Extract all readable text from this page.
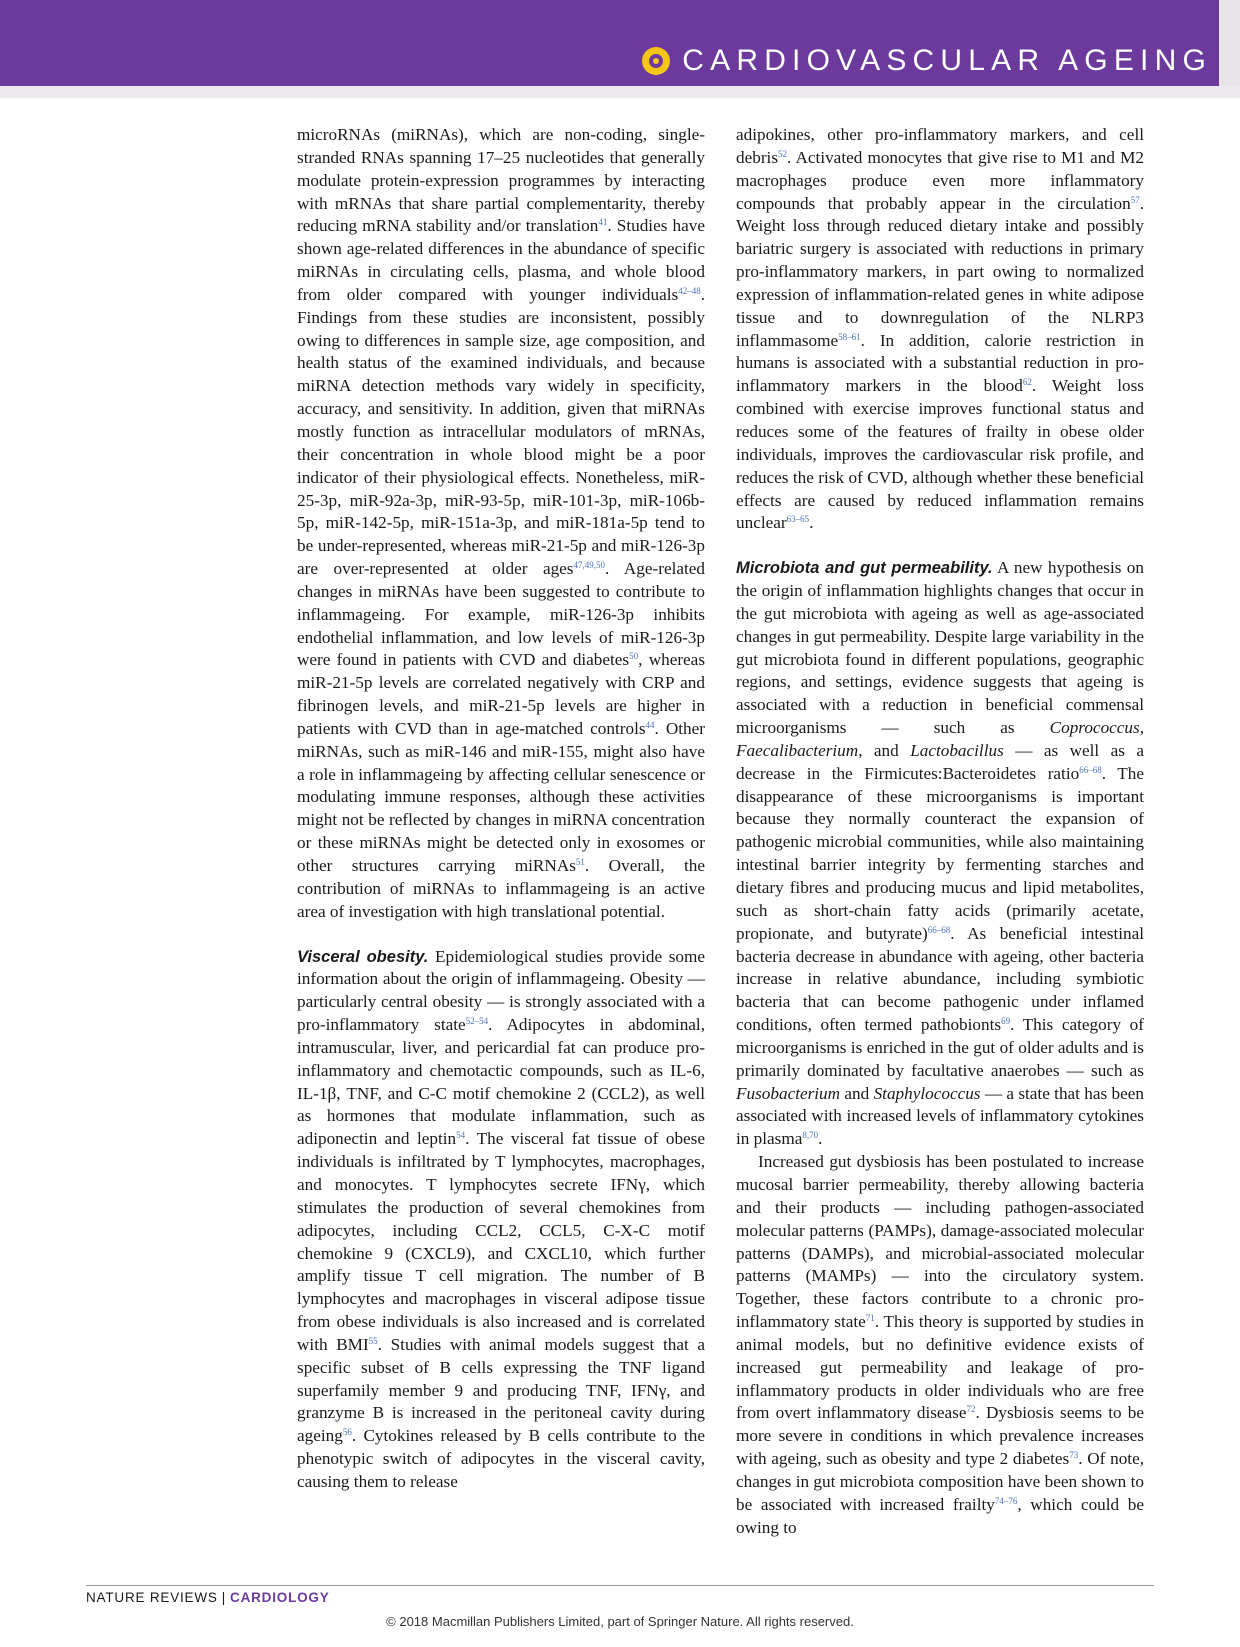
CARDIOVASCULAR AGEING

microRNAs (miRNAs), which are non-coding, single-stranded RNAs spanning 17–25 nucleotides that generally modulate protein-expression programmes by interacting with mRNAs that share partial complementarity, thereby reducing mRNA stability and/or translation$^{41}$. Studies have shown age-related differences in the abundance of specific miRNAs in circulating cells, plasma, and whole blood from older compared with younger individuals$^{42-48}$. Findings from these studies are inconsistent, possibly owing to differences in sample size, age composition, and health status of the examined individuals, and because miRNA detection methods vary widely in specificity, accuracy, and sensitivity. In addition, given that miRNAs mostly function as intracellular modulators of mRNAs, their concentration in whole blood might be a poor indicator of their physiological effects. Nonetheless, miR-25-3p, miR-92a-3p, miR-93-5p, miR-101-3p, miR-106b-5p, miR-142-5p, miR-151a-3p, and miR-181a-5p tend to be under-represented, whereas miR-21-5p and miR-126-3p are over-represented at older ages$^{47,49,50}$. Age-related changes in miRNAs have been suggested to contribute to inflammageing. For example, miR-126-3p inhibits endothelial inflammation, and low levels of miR-126-3p were found in patients with CVD and diabetes$^{50}$, whereas miR-21-5p levels are correlated negatively with CRP and fibrinogen levels, and miR-21-5p levels are higher in patients with CVD than in age-matched controls$^{44}$. Other miRNAs, such as miR-146 and miR-155, might also have a role in inflammageing by affecting cellular senescence or modulating immune responses, although these activities might not be reflected by changes in miRNA concentration or these miRNAs might be detected only in exosomes or other structures carrying miRNAs$^{51}$. Overall, the contribution of miRNAs to inflammageing is an active area of investigation with high translational potential.

Visceral obesity. Epidemiological studies provide some information about the origin of inflammageing. Obesity — particularly central obesity — is strongly associated with a pro-inflammatory state$^{52-54}$. Adipocytes in abdominal, intramuscular, liver, and pericardial fat can produce pro-inflammatory and chemotactic compounds, such as IL-6, IL-1β, TNF, and C-C motif chemokine 2 (CCL2), as well as hormones that modulate inflammation, such as adiponectin and leptin$^{54}$. The visceral fat tissue of obese individuals is infiltrated by T lymphocytes, macrophages, and monocytes. T lymphocytes secrete IFNγ, which stimulates the production of several chemokines from adipocytes, including CCL2, CCL5, C-X-C motif chemokine 9 (CXCL9), and CXCL10, which further amplify tissue T cell migration. The number of B lymphocytes and macrophages in visceral adipose tissue from obese individuals is also increased and is correlated with BMI$^{55}$. Studies with animal models suggest that a specific subset of B cells expressing the TNF ligand superfamily member 9 and producing TNF, IFNγ, and granzyme B is increased in the peritoneal cavity during ageing$^{56}$. Cytokines released by B cells contribute to the phenotypic switch of adipocytes in the visceral cavity, causing them to release

adipokines, other pro-inflammatory markers, and cell debris$^{52}$. Activated monocytes that give rise to M1 and M2 macrophages produce even more inflammatory compounds that probably appear in the circulation$^{57}$. Weight loss through reduced dietary intake and possibly bariatric surgery is associated with reductions in primary pro-inflammatory markers, in part owing to normalized expression of inflammation-related genes in white adipose tissue and to downregulation of the NLRP3 inflammasome$^{58-61}$. In addition, calorie restriction in humans is associated with a substantial reduction in pro-inflammatory markers in the blood$^{62}$. Weight loss combined with exercise improves functional status and reduces some of the features of frailty in obese older individuals, improves the cardiovascular risk profile, and reduces the risk of CVD, although whether these beneficial effects are caused by reduced inflammation remains unclear$^{63-65}$.

Microbiota and gut permeability. A new hypothesis on the origin of inflammation highlights changes that occur in the gut microbiota with ageing as well as age-associated changes in gut permeability. Despite large variability in the gut microbiota found in different populations, geographic regions, and settings, evidence suggests that ageing is associated with a reduction in beneficial commensal microorganisms — such as Coprococcus, Faecalibacterium, and Lactobacillus — as well as a decrease in the Firmicutes:Bacteroidetes ratio$^{66-68}$. The disappearance of these microorganisms is important because they normally counteract the expansion of pathogenic microbial communities, while also maintaining intestinal barrier integrity by fermenting starches and dietary fibres and producing mucus and lipid metabolites, such as short-chain fatty acids (primarily acetate, propionate, and butyrate)$^{66-68}$. As beneficial intestinal bacteria decrease in abundance with ageing, other bacteria increase in relative abundance, including symbiotic bacteria that can become pathogenic under inflamed conditions, often termed pathobionts$^{69}$. This category of microorganisms is enriched in the gut of older adults and is primarily dominated by facultative anaerobes — such as Fusobacterium and Staphylococcus — a state that has been associated with increased levels of inflammatory cytokines in plasma$^{8,70}$.

Increased gut dysbiosis has been postulated to increase mucosal barrier permeability, thereby allowing bacteria and their products — including pathogen-associated molecular patterns (PAMPs), damage-associated molecular patterns (DAMPs), and microbial-associated molecular patterns (MAMPs) — into the circulatory system. Together, these factors contribute to a chronic pro-inflammatory state$^{71}$. This theory is supported by studies in animal models, but no definitive evidence exists of increased gut permeability and leakage of pro-inflammatory products in older individuals who are free from overt inflammatory disease$^{72}$. Dysbiosis seems to be more severe in conditions in which prevalence increases with ageing, such as obesity and type 2 diabetes$^{73}$. Of note, changes in gut microbiota composition have been shown to be associated with increased frailty$^{74-76}$, which could be owing to

NATURE REVIEWS | CARDIOLOGY
© 2018 Macmillan Publishers Limited, part of Springer Nature. All rights reserved.
